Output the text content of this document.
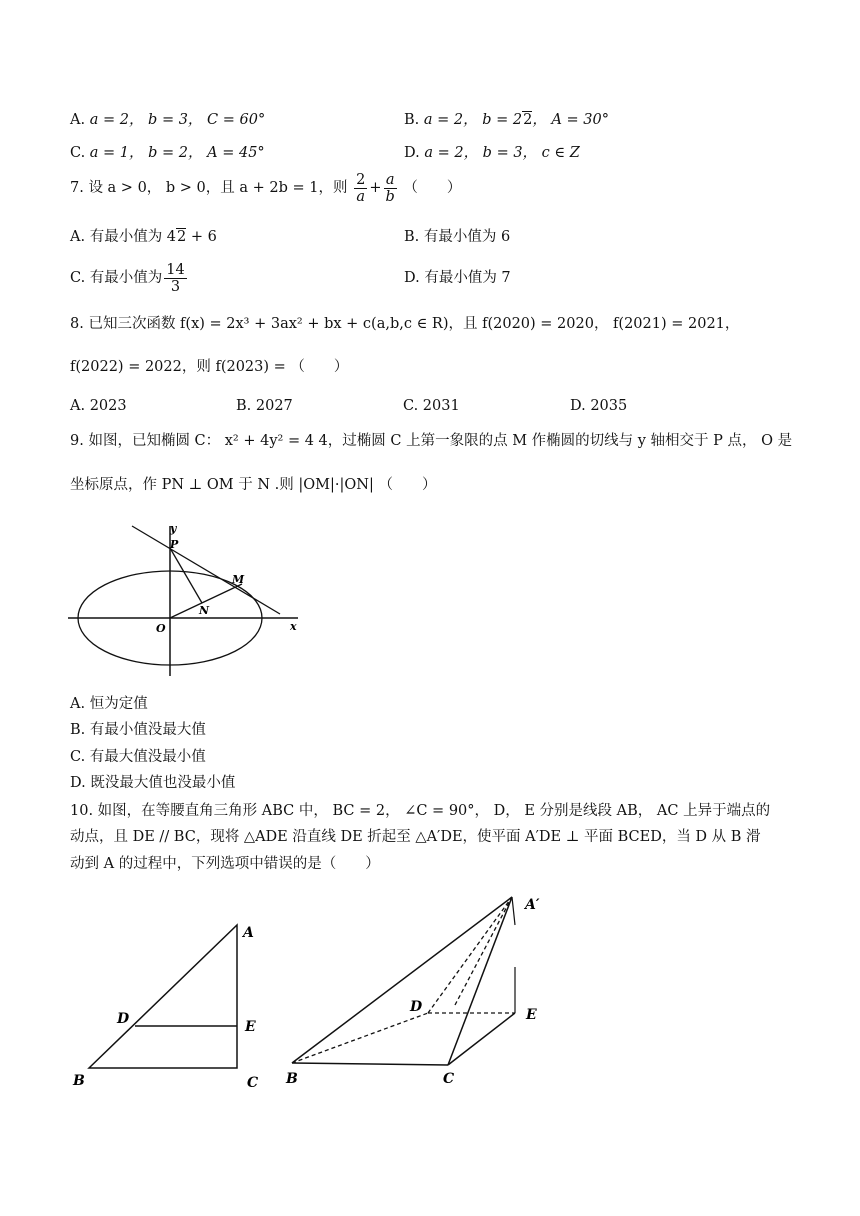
A. a = 2， b = 3， C = 60°	B. a = 2， b = 22， A = 30°
C. a = 1， b = 2， A = 45°	D. a = 2， b = 3， c ∈ Z
7. 设 a > 0， b > 0，且 a + 2b = 1，则 $\frac{2}{a} + \frac{a}{b}$ （　　）
A. 有最小值为 42 + 6	B. 有最小值为 6
C. 有最小值为 $\frac{14}{3}$	D. 有最小值为 7
8. 已知三次函数 f(x) = 2x³ + 3ax² + bx + c(a,b,c ∈ R)，且 f(2020) = 2020， f(2021) = 2021，
f(2022) = 2022，则 f(2023) = （　　）
A. 2023	B. 2027	C. 2031	D. 2035
9. 如图，已知椭圆 C： x² + 4y² = 4 4，过椭圆 C 上第一象限的点 M 作椭圆的切线与 y 轴相交于 P 点， O 是
坐标原点，作 PN ⊥ OM 于 N .则 |OM|·|ON| （　　）
y
P
M
N
O	x
A. 恒为定值
B. 有最小值没最大值
C. 有最大值没最小值
D. 既没最大值也没最小值
10. 如图，在等腰直角三角形 ABC 中， BC = 2， ∠C = 90°， D， E 分别是线段 AB， AC 上异于端点的
动点，且 DE // BC，现将 △ADE 沿直线 DE 折起至 △A′DE，使平面 A′DE ⊥ 平面 BCED，当 D 从 B 滑
动到 A 的过程中，下列选项中错误的是（　　）
A
D	E
B	C
A′
D	E
B	C
